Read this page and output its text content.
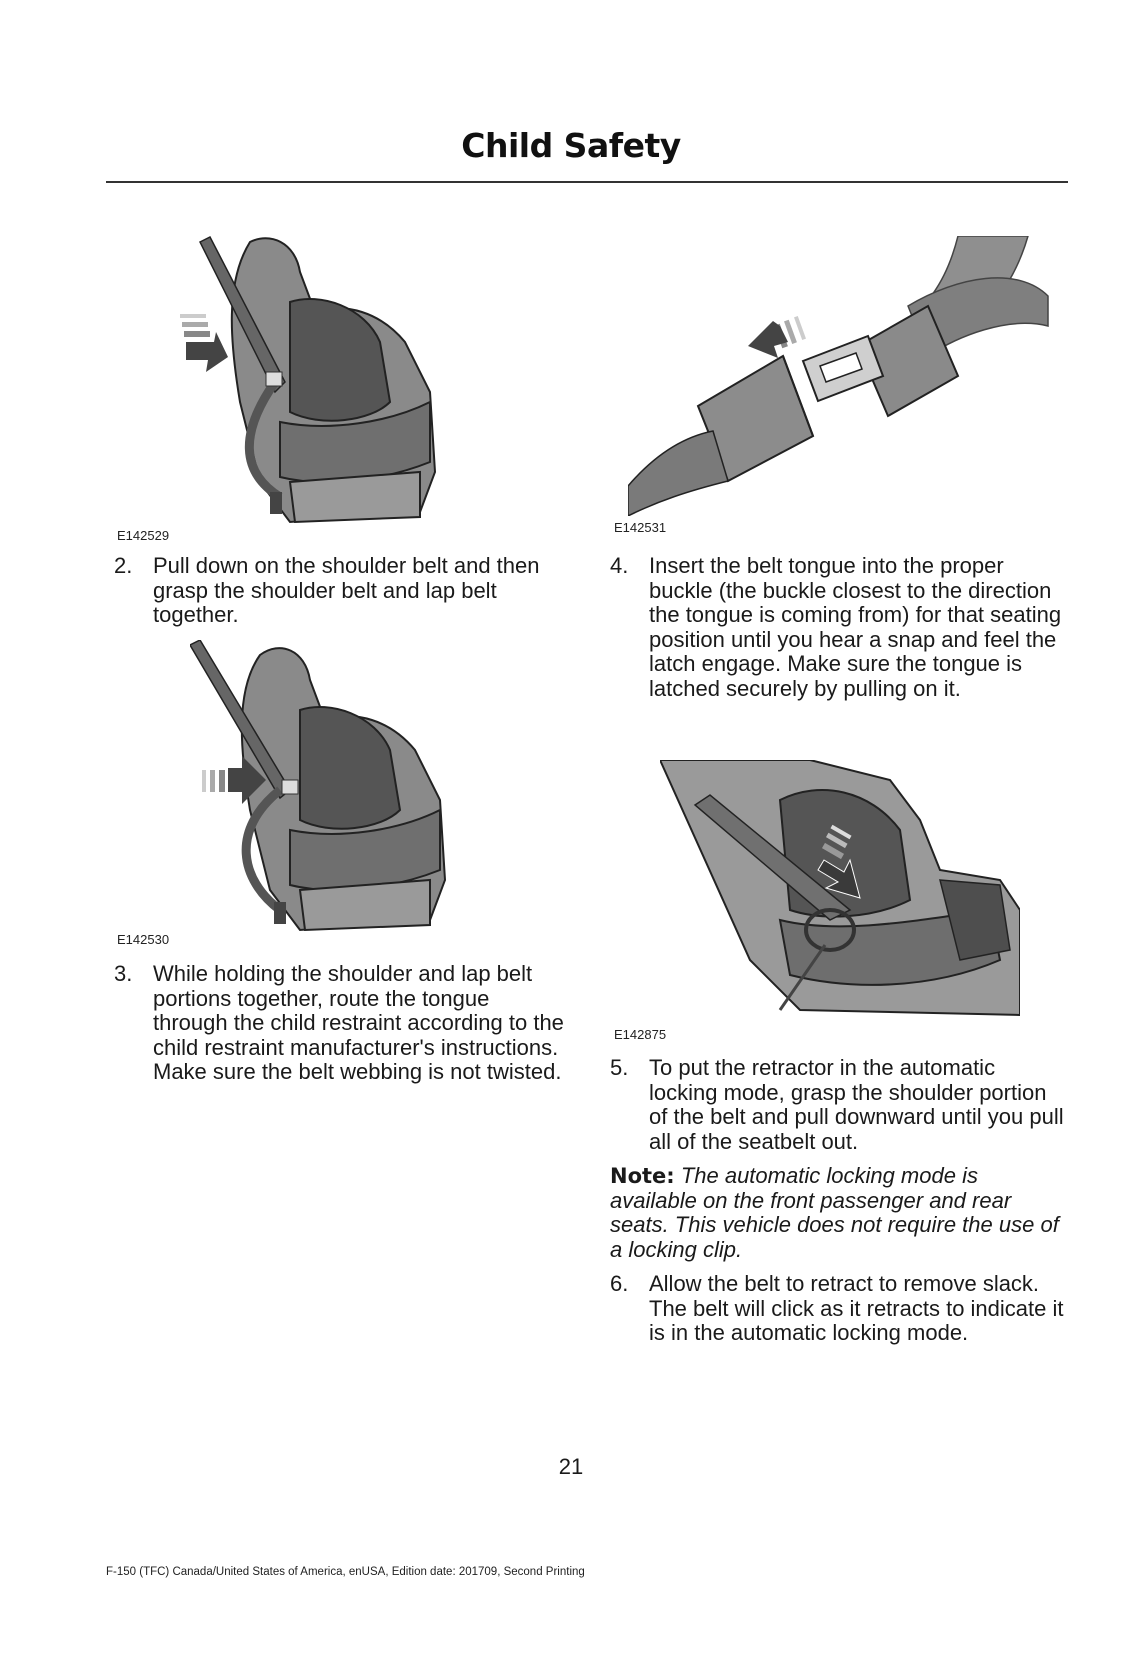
Child Safety
E142529
2. Pull down on the shoulder belt and then grasp the shoulder belt and lap belt together.
E142530
3. While holding the shoulder and lap belt portions together, route the tongue through the child restraint according to the child restraint manufacturer's instructions. Make sure the belt webbing is not twisted.
E142531
4. Insert the belt tongue into the proper buckle (the buckle closest to the direction the tongue is coming from) for that seating position until you hear a snap and feel the latch engage. Make sure the tongue is latched securely by pulling on it.
E142875
5. To put the retractor in the automatic locking mode, grasp the shoulder portion of the belt and pull downward until you pull all of the seatbelt out.
Note: The automatic locking mode is available on the front passenger and rear seats. This vehicle does not require the use of a locking clip.
6. Allow the belt to retract to remove slack. The belt will click as it retracts to indicate it is in the automatic locking mode.
21
F-150 (TFC) Canada/United States of America, enUSA, Edition date: 201709, Second Printing
